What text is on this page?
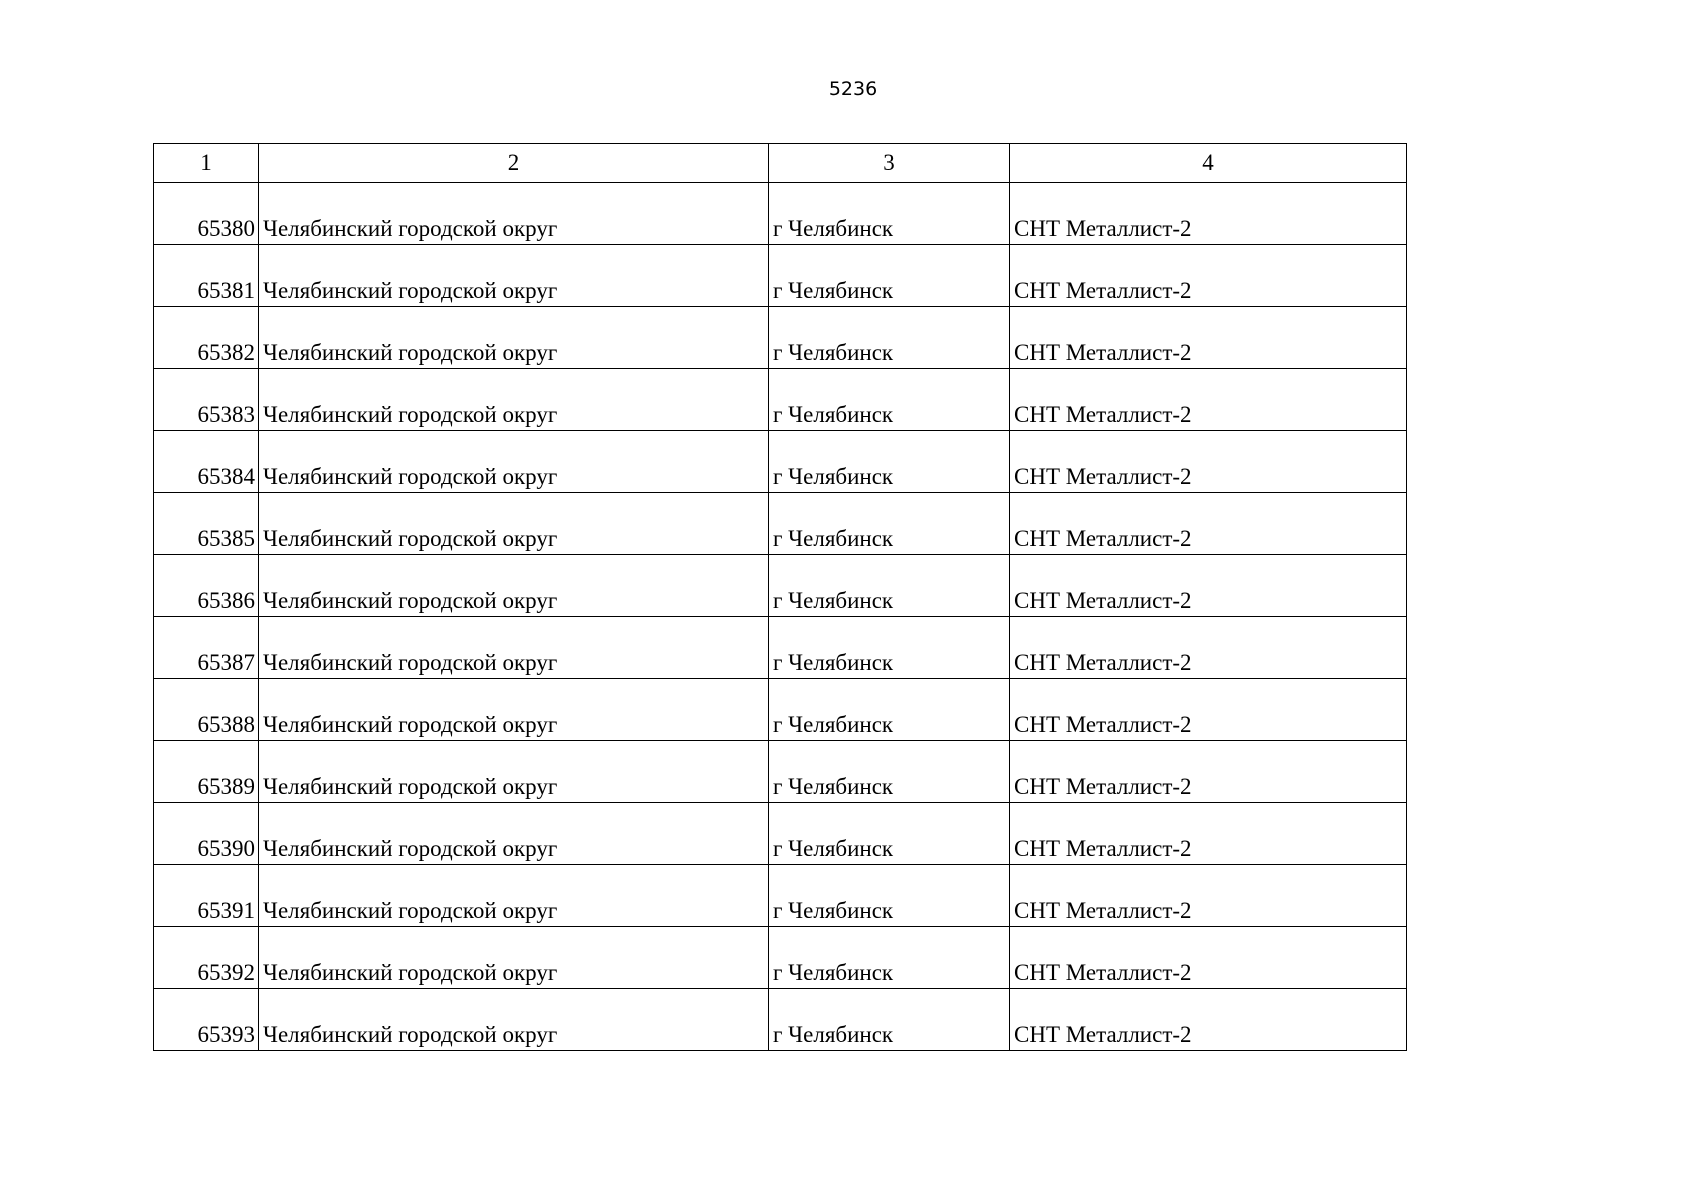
5236
1	2	3	4
65380	Челябинский городской округ	г Челябинск	СНТ Металлист-2
65381	Челябинский городской округ	г Челябинск	СНТ Металлист-2
65382	Челябинский городской округ	г Челябинск	СНТ Металлист-2
65383	Челябинский городской округ	г Челябинск	СНТ Металлист-2
65384	Челябинский городской округ	г Челябинск	СНТ Металлист-2
65385	Челябинский городской округ	г Челябинск	СНТ Металлист-2
65386	Челябинский городской округ	г Челябинск	СНТ Металлист-2
65387	Челябинский городской округ	г Челябинск	СНТ Металлист-2
65388	Челябинский городской округ	г Челябинск	СНТ Металлист-2
65389	Челябинский городской округ	г Челябинск	СНТ Металлист-2
65390	Челябинский городской округ	г Челябинск	СНТ Металлист-2
65391	Челябинский городской округ	г Челябинск	СНТ Металлист-2
65392	Челябинский городской округ	г Челябинск	СНТ Металлист-2
65393	Челябинский городской округ	г Челябинск	СНТ Металлист-2
